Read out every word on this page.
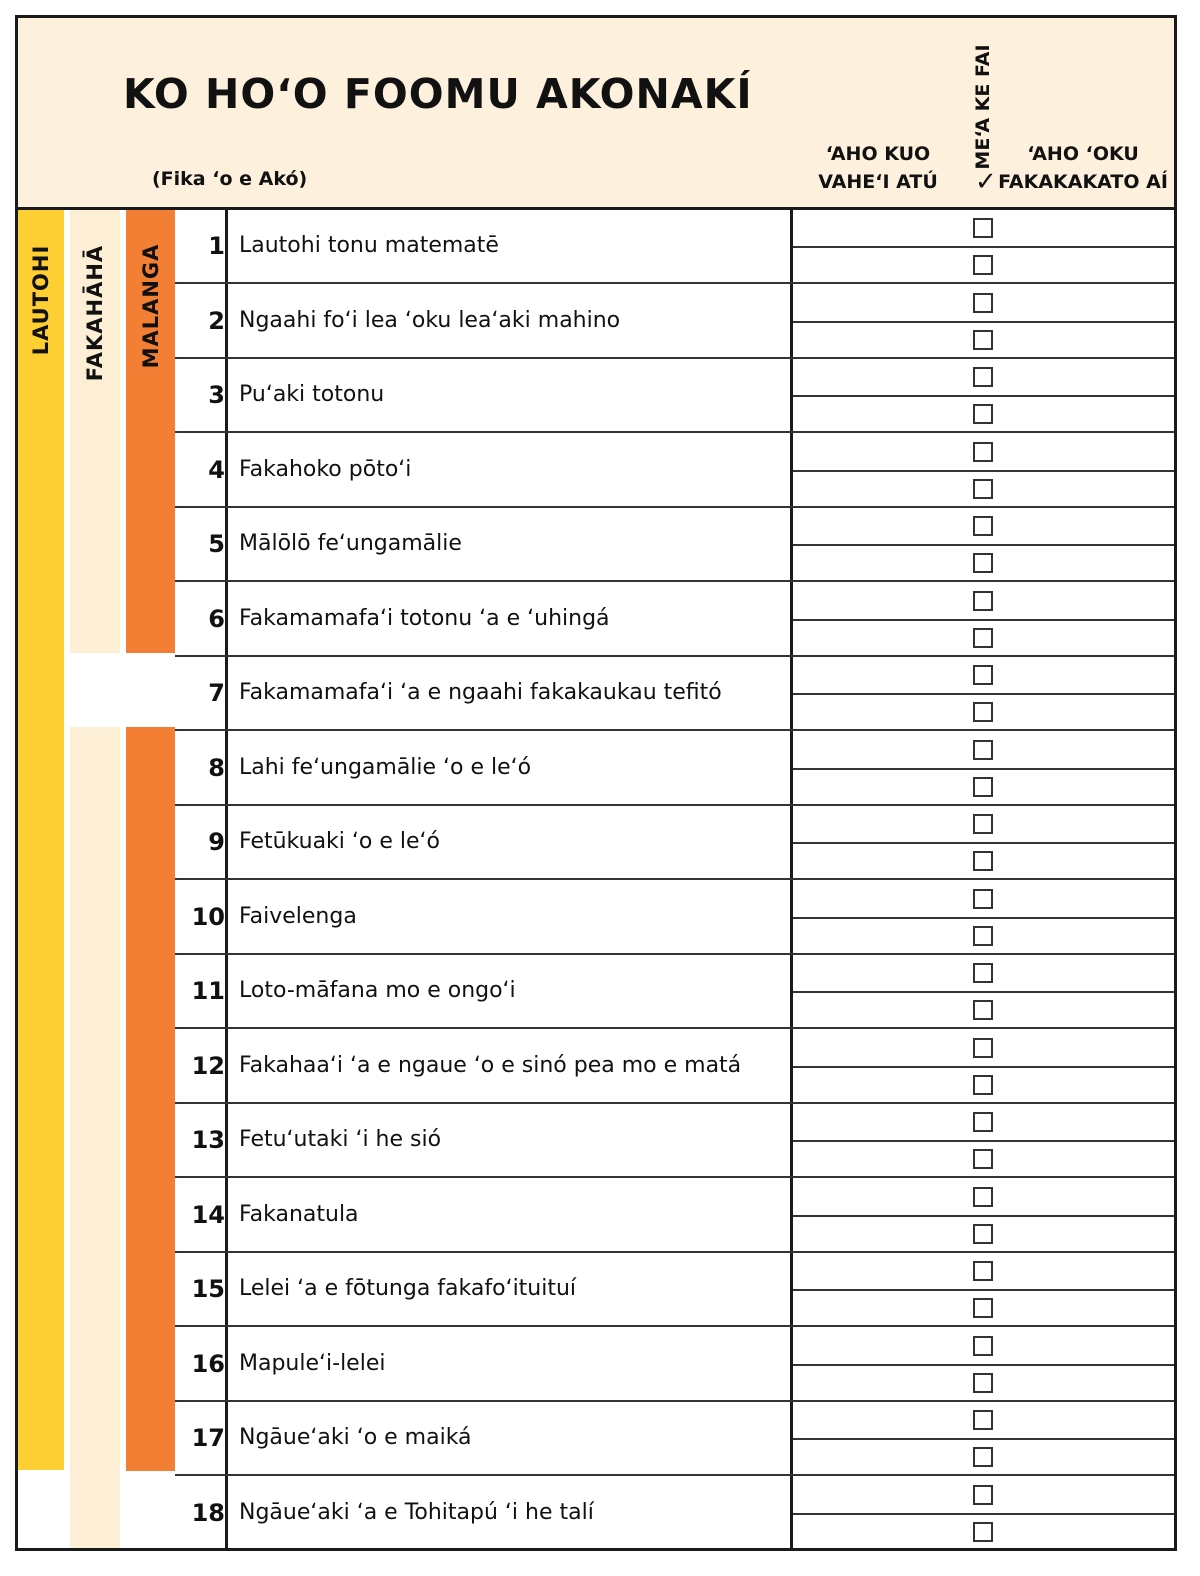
KO HOʻO FOOMU AKONAKÍ
(Fika ʻo e Akó)
ʻAHO KUO
VAHEʻI ATÚ
MEʻA KE FAI
✓
ʻAHO ʻOKU
FAKAKAKATO AÍ
LAUTOHI FAKAHĀHĀ MALANGA	1 Lautohi tonu matematē
2 Ngaahi foʻi lea ʻoku leaʻaki mahino
3 Puʻaki totonu
4 Fakahoko pōtoʻi
5 Mālōlō feʻungamālie
6 Fakamamafaʻi totonu ʻa e ʻuhingá
7 Fakamamafaʻi ʻa e ngaahi fakakaukau tefitó
8 Lahi feʻungamālie ʻo e leʻó
9 Fetūkuaki ʻo e leʻó
10 Faivelenga
11 Loto-māfana mo e ongoʻi
12 Fakahaaʻi ʻa e ngaue ʻo e sinó pea mo e matá
13 Fetuʻutaki ʻi he sió
14 Fakanatula
15 Lelei ʻa e fōtunga fakafoʻituituí
16 Mapuleʻi-lelei
17 Ngāueʻaki ʻo e maiká
18 Ngāueʻaki ʻa e Tohitapú ʻi he talí
